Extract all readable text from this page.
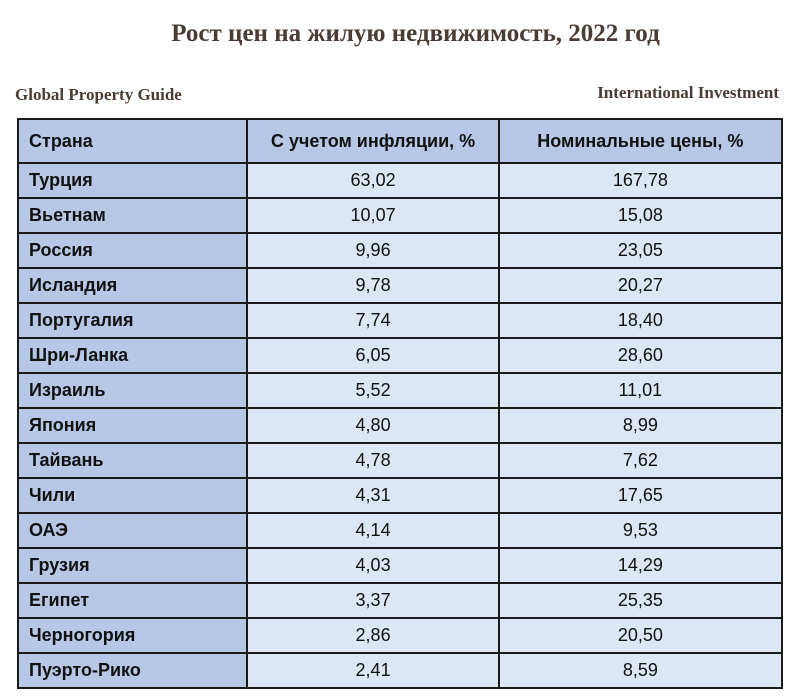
Рост цен на жилую недвижимость, 2022 год
Global Property Guide	International Investment
Страна	С учетом инфляции, %	Номинальные цены, %
Турция	63,02	167,78
Вьетнам	10,07	15,08
Россия	9,96	23,05
Исландия	9,78	20,27
Португалия	7,74	18,40
Шри-Ланка	6,05	28,60
Израиль	5,52	11,01
Япония	4,80	8,99
Тайвань	4,78	7,62
Чили	4,31	17,65
ОАЭ	4,14	9,53
Грузия	4,03	14,29
Египет	3,37	25,35
Черногория	2,86	20,50
Пуэрто-Рико	2,41	8,59
